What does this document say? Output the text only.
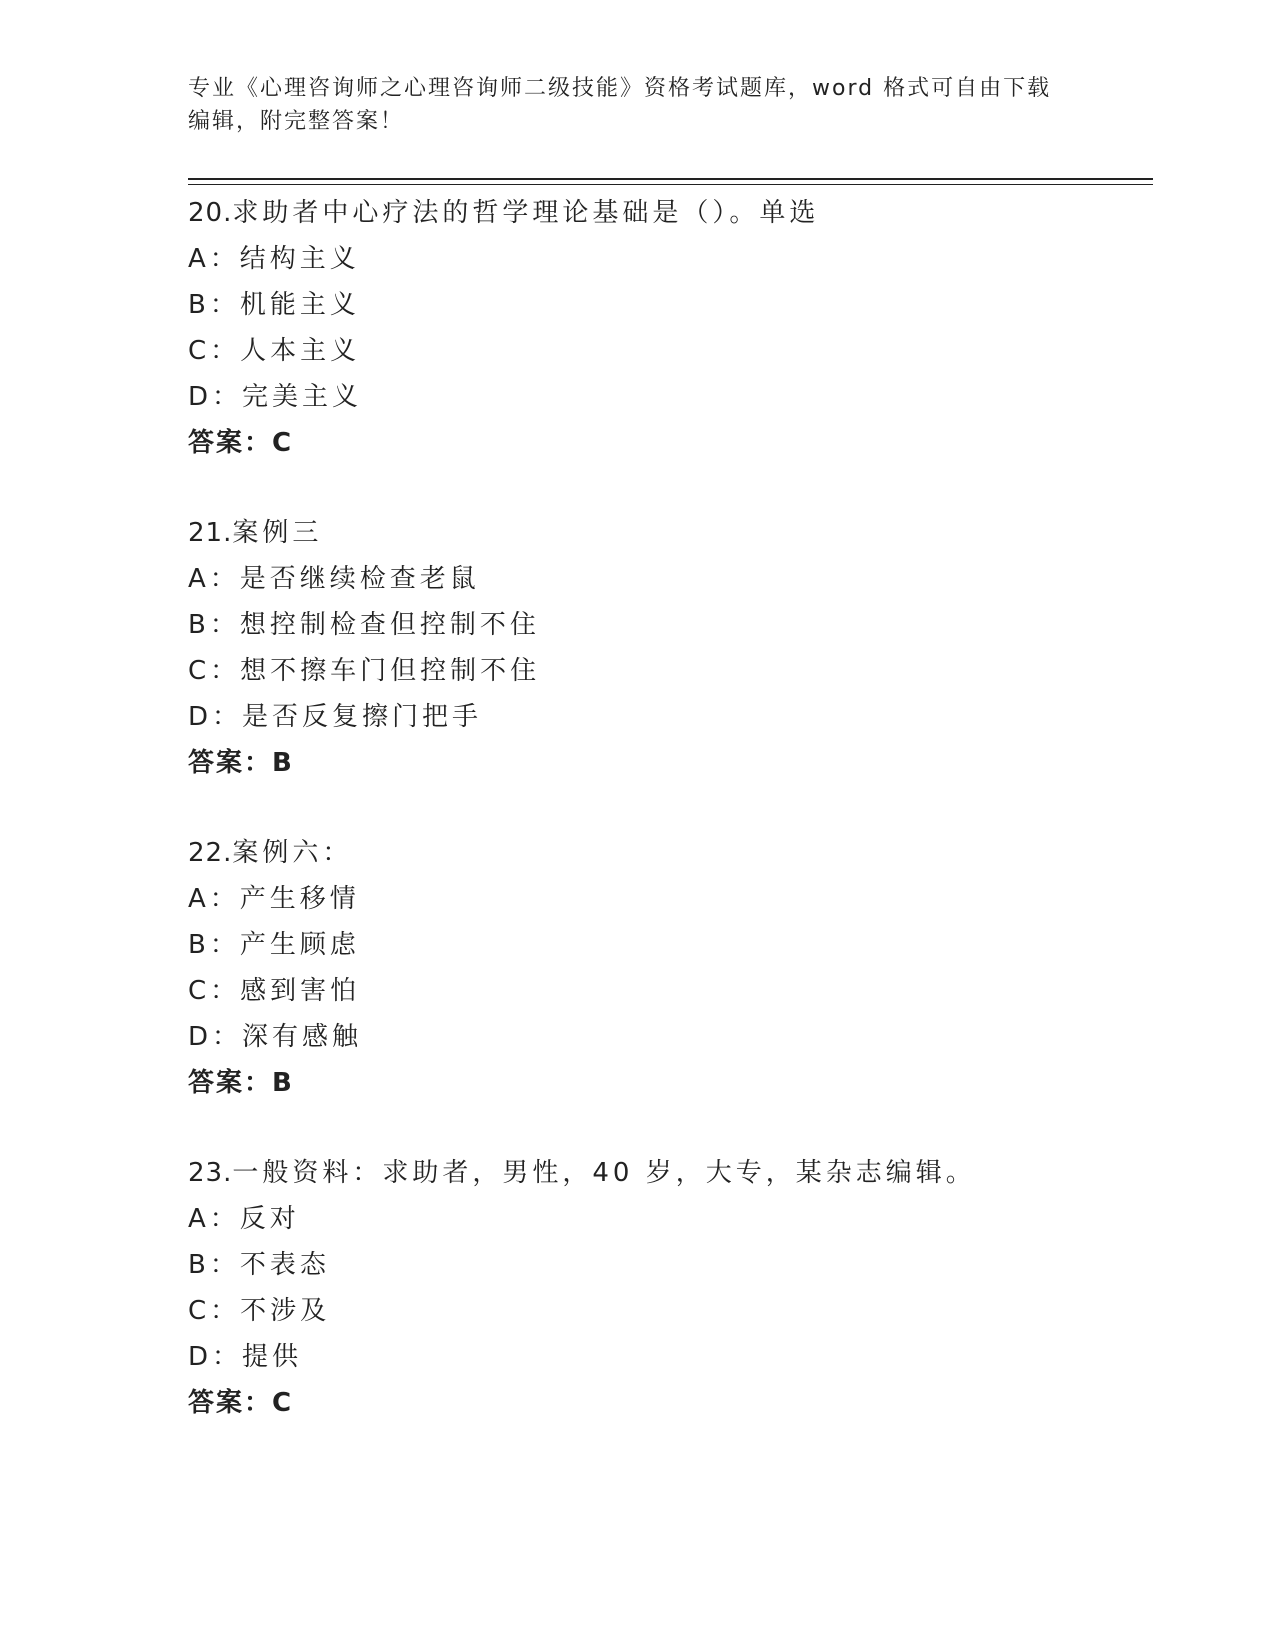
专业《心理咨询师之心理咨询师二级技能》资格考试题库，word 格式可自由下载
编辑，附完整答案！
20.求助者中心疗法的哲学理论基础是（）。单选
A：结构主义
B：机能主义
C：人本主义
D：完美主义
答案：C
21.案例三
A：是否继续检查老鼠
B：想控制检查但控制不住
C：想不擦车门但控制不住
D：是否反复擦门把手
答案：B
22.案例六：
A：产生移情
B：产生顾虑
C：感到害怕
D：深有感触
答案：B
23.一般资料：求助者，男性，40 岁，大专，某杂志编辑。
A：反对
B：不表态
C：不涉及
D：提供
答案：C
